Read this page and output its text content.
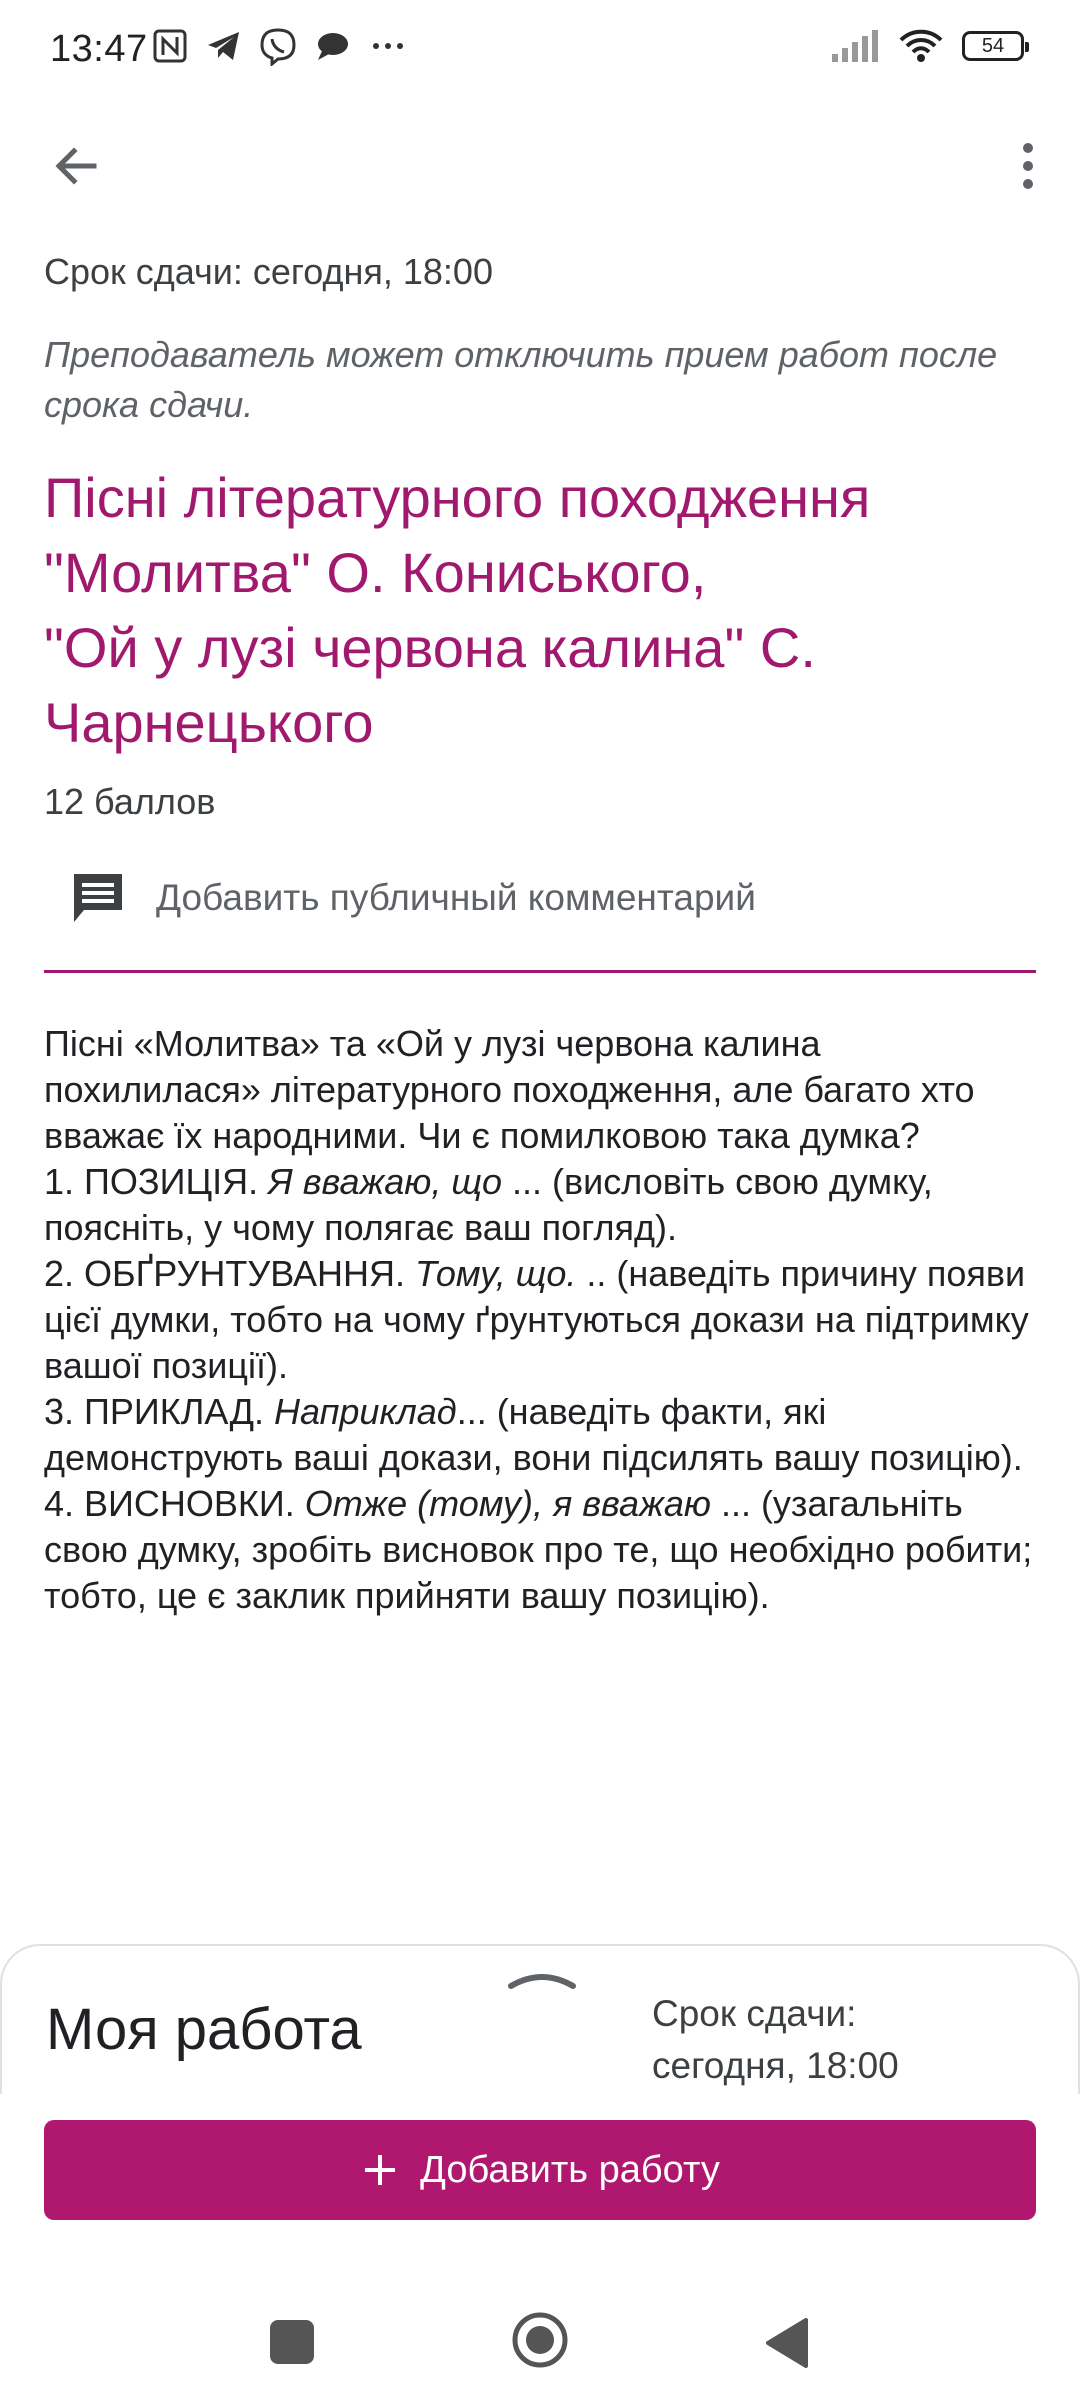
13:47	54

Срок сдачи: сегодня, 18:00

Преподаватель может отключить прием работ после срока сдачи.

Пісні літературного походження
"Молитва" О. Кониського,
"Ой у лузі червона калина" С. Чарнецького

12 баллов

Добавить публичный комментарий

Пісні «Молитва» та «Ой у лузі червона калина похилилася» літературного походження, але багато хто вважає їх народними. Чи є помилковою така думка?

1. ПОЗИЦІЯ. Я вважаю, що ... (висловіть свою думку, поясніть, у чому полягає ваш погляд).

2. ОБҐРУНТУВАННЯ. Тому, що. .. (наведіть причину появи цієї думки, тобто на чому ґрунтуються докази на підтримку вашої позиції).

3. ПРИКЛАД. Наприклад... (наведіть факти, які демонструють ваші докази, вони підсилять вашу позицію).

4. ВИСНОВКИ. Отже (тому), я вважаю ... (узагальніть свою думку, зробіть висновок про те, що необхідно робити; тобто, це є заклик прийняти вашу позицію).

Моя работа	Срок сдачи:
сегодня, 18:00
Добавить работу
